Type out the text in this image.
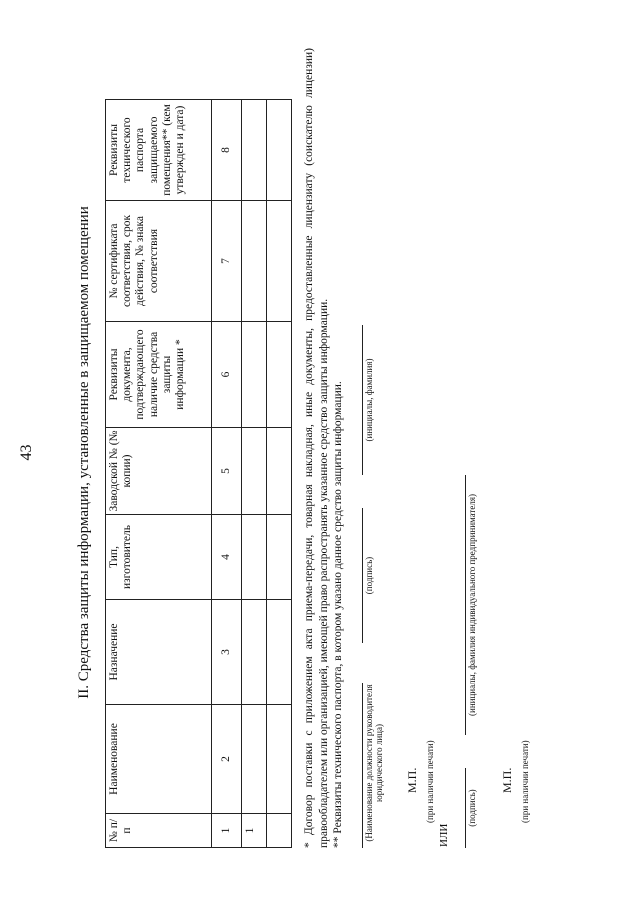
43	II. Средства защиты информации, установленные в защищаемом помещении
№ п/п	Наименование	Назначение	Тип, изготовитель	Заводской № (№ копии)	Реквизиты документа, подтверждающего наличие средства защиты информации *	№ сертификата соответствия, срок действия, № знака соответствия	Реквизиты технического паспорта защищаемого помещения** (кем утвержден и дата)
1	2	3	4	5	6	7	8
1							
								* Договор поставки с приложением акта приема-передачи, товарная накладная, иные документы, предоставленные лицензиату (соискателю лицензии) правообладателем или организацией, имеющей право распространять указанное средство защиты информации. ** Реквизиты технического паспорта, в котором указано данное средство защиты информации. (Наименование должности руководителя юридического лица)
(подпись)
(инициалы, фамилия)
М.П. (при наличии печати)
ИЛИ
(подпись)
(инициалы, фамилия индивидуального предпринимателя)
М.П. (при наличии печати)
